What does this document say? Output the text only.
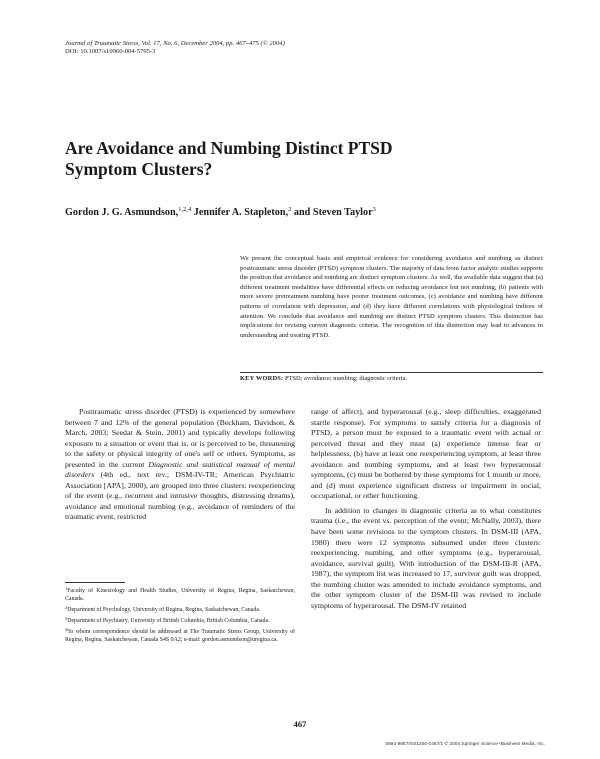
Journal of Traumatic Stress, Vol. 17, No. 6, December 2004, pp. 467–475 (© 2004)
DOI: 10.1007/s10960-004-5795-3
Are Avoidance and Numbing Distinct PTSD
Symptom Clusters?
Gordon J. G. Asmundson,$^{1,2,4}$ Jennifer A. Stapleton,$^2$ and Steven Taylor$^3$

We present the conceptual basis and empirical evidence for considering avoidance and numbing as distinct posttraumatic stress disorder (PTSD) symptom clusters. The majority of data from factor analytic studies supports the position that avoidance and numbing are distinct symptom clusters. As well, the available data suggest that (a) different treatment modalities have differential effects on reducing avoidance but not numbing, (b) patients with more severe pretreatment numbing have poorer treatment outcomes, (c) avoidance and numbing have different patterns of correlation with depression, and (d) they have different correlations with physiological indices of attention. We conclude that avoidance and numbing are distinct PTSD symptom clusters. This distinction has implications for revising current diagnostic criteria. The recognition of this distinction may lead to advances in understanding and treating PTSD.

KEY WORDS: PTSD; avoidance; numbing; diagnostic criteria.

Posttraumatic stress disorder (PTSD) is experienced by somewhere between 7 and 12% of the general population (Beckham, Davidson, & March, 2003; Seedat & Stein, 2001) and typically develops following exposure to a situation or event that is, or is perceived to be, threatening to the safety or physical integrity of one's self or others. Symptoms, as presented in the current Diagnostic and statistical manual of mental disorders (4th ed., text rev.; DSM-IV-TR; American Psychiatric Association [APA], 2000), are grouped into three clusters: reexperiencing of the event (e.g., recurrent and intrusive thoughts, distressing dreams), avoidance and emotional numbing (e.g., avoidance of reminders of the traumatic event, restricted

range of affect), and hyperarousal (e.g., sleep difficulties, exaggerated startle response). For symptoms to satisfy criteria for a diagnosis of PTSD, a person must be exposed to a traumatic event with actual or perceived threat and they must (a) experience intense fear or helplessness, (b) have at least one reexperiencing symptom, at least three avoidance and numbing symptoms, and at least two hyperarousal symptoms, (c) must be bothered by these symptoms for 1 month or more, and (d) must experience significant distress or impairment in social, occupational, or other functioning.

In addition to changes in diagnostic criteria as to what constitutes trauma (i.e., the event vs. perception of the event; McNally, 2003), there have been some revisions to the symptom clusters. In DSM-III (APA, 1980) there were 12 symptoms subsumed under three clusters: reexperiencing, numbing, and other symptoms (e.g., hyperarousal, avoidance, survival guilt). With introduction of the DSM-III-R (APA, 1987), the symptom list was increased to 17, survivor guilt was dropped, the numbing cluster was amended to include avoidance symptoms, and the other symptom cluster of the DSM-III was revised to include symptoms of hyperarousal. The DSM-IV retained

$^1$Faculty of Kinesiology and Health Studies, University of Regina, Regina, Saskatchewan, Canada.

$^2$Department of Psychology, University of Regina, Regina, Saskatchewan, Canada.

$^3$Department of Psychiatry, University of British Columbia, British Columbia, Canada.

$^4$To whom correspondence should be addressed at The Traumatic Stress Group, University of Regina, Regina, Saskatchewan, Canada S4S 0A2; e-mail: gordon.asmundson@uregina.ca.

467
0894-9867/04/1200-0467/1 © 2004 Springer Science+Business Media, Inc.
